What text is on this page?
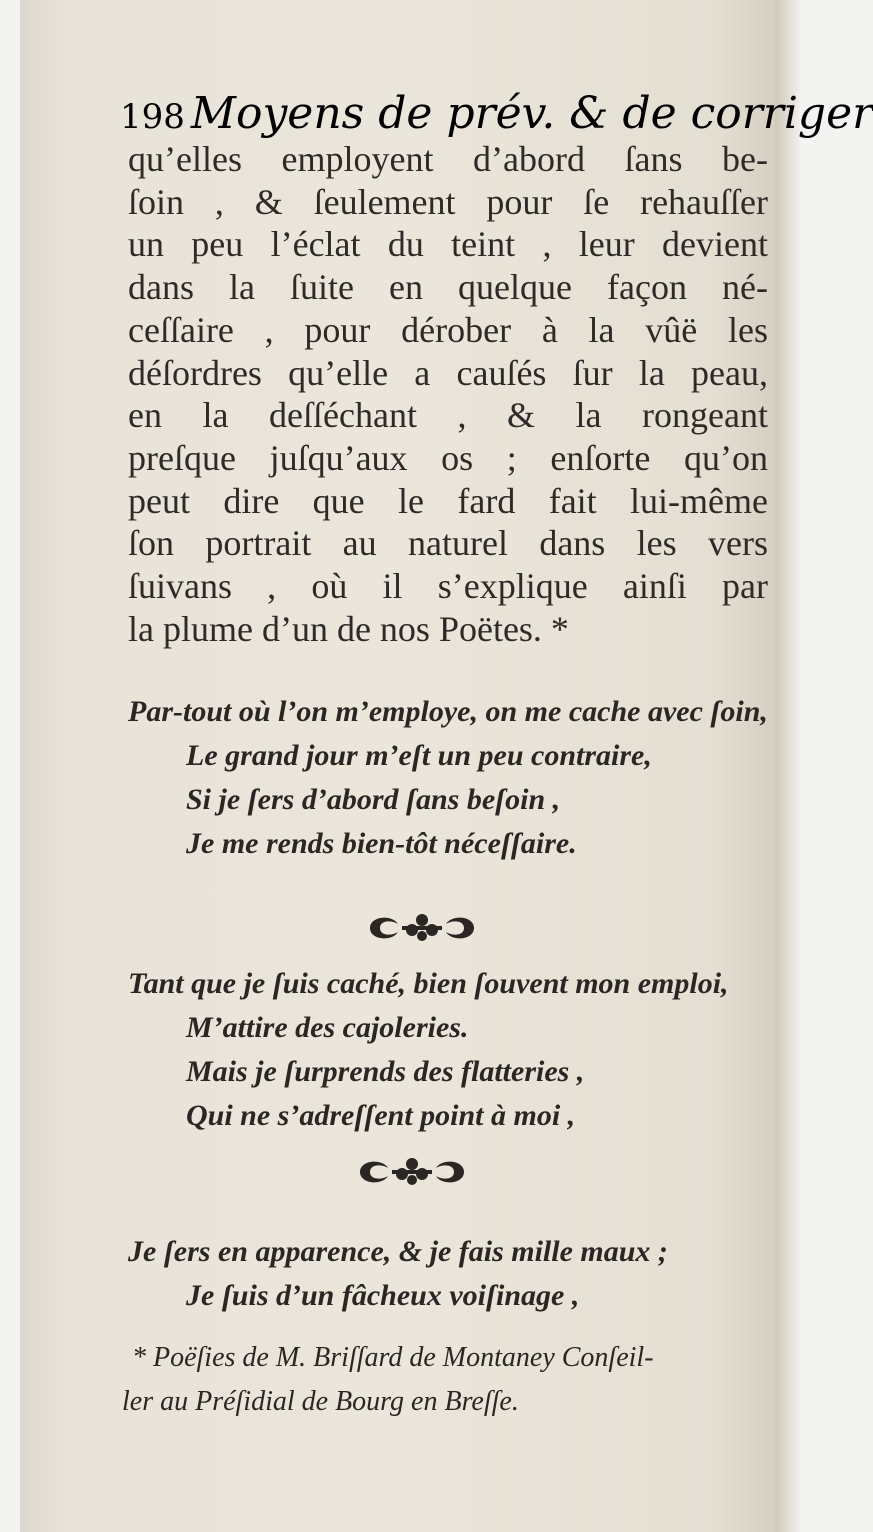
198 Moyens de prév. & de corriger
qu’elles employent d’abord ſans be-
ſoin , & ſeulement pour ſe rehauſſer
un peu l’éclat du teint , leur devient
dans la ſuite en quelque façon né-
ceſſaire , pour dérober à la vûë les
déſordres qu’elle a cauſés ſur la peau,
en la deſſéchant , & la rongeant
preſque juſqu’aux os ; enſorte qu’on
peut dire que le fard fait lui-même
ſon portrait au naturel dans les vers
ſuivans , où il s’explique ainſi par
la plume d’un de nos Poëtes. *
Par-tout où l’on m’employe, on me cache avec ſoin,
Le grand jour m’eſt un peu contraire,
Si je ſers d’abord ſans beſoin ,
Je me rends bien-tôt néceſſaire.
Tant que je ſuis caché, bien ſouvent mon emploi,
M’attire des cajoleries.
Mais je ſurprends des flatteries ,
Qui ne s’adreſſent point à moi ,
Je ſers en apparence, & je fais mille maux ;
Je ſuis d’un fâcheux voiſinage ,
* Poëſies de M. Briſſard de Montaney Conſeil-
ler au Préſidial de Bourg en Breſſe.
